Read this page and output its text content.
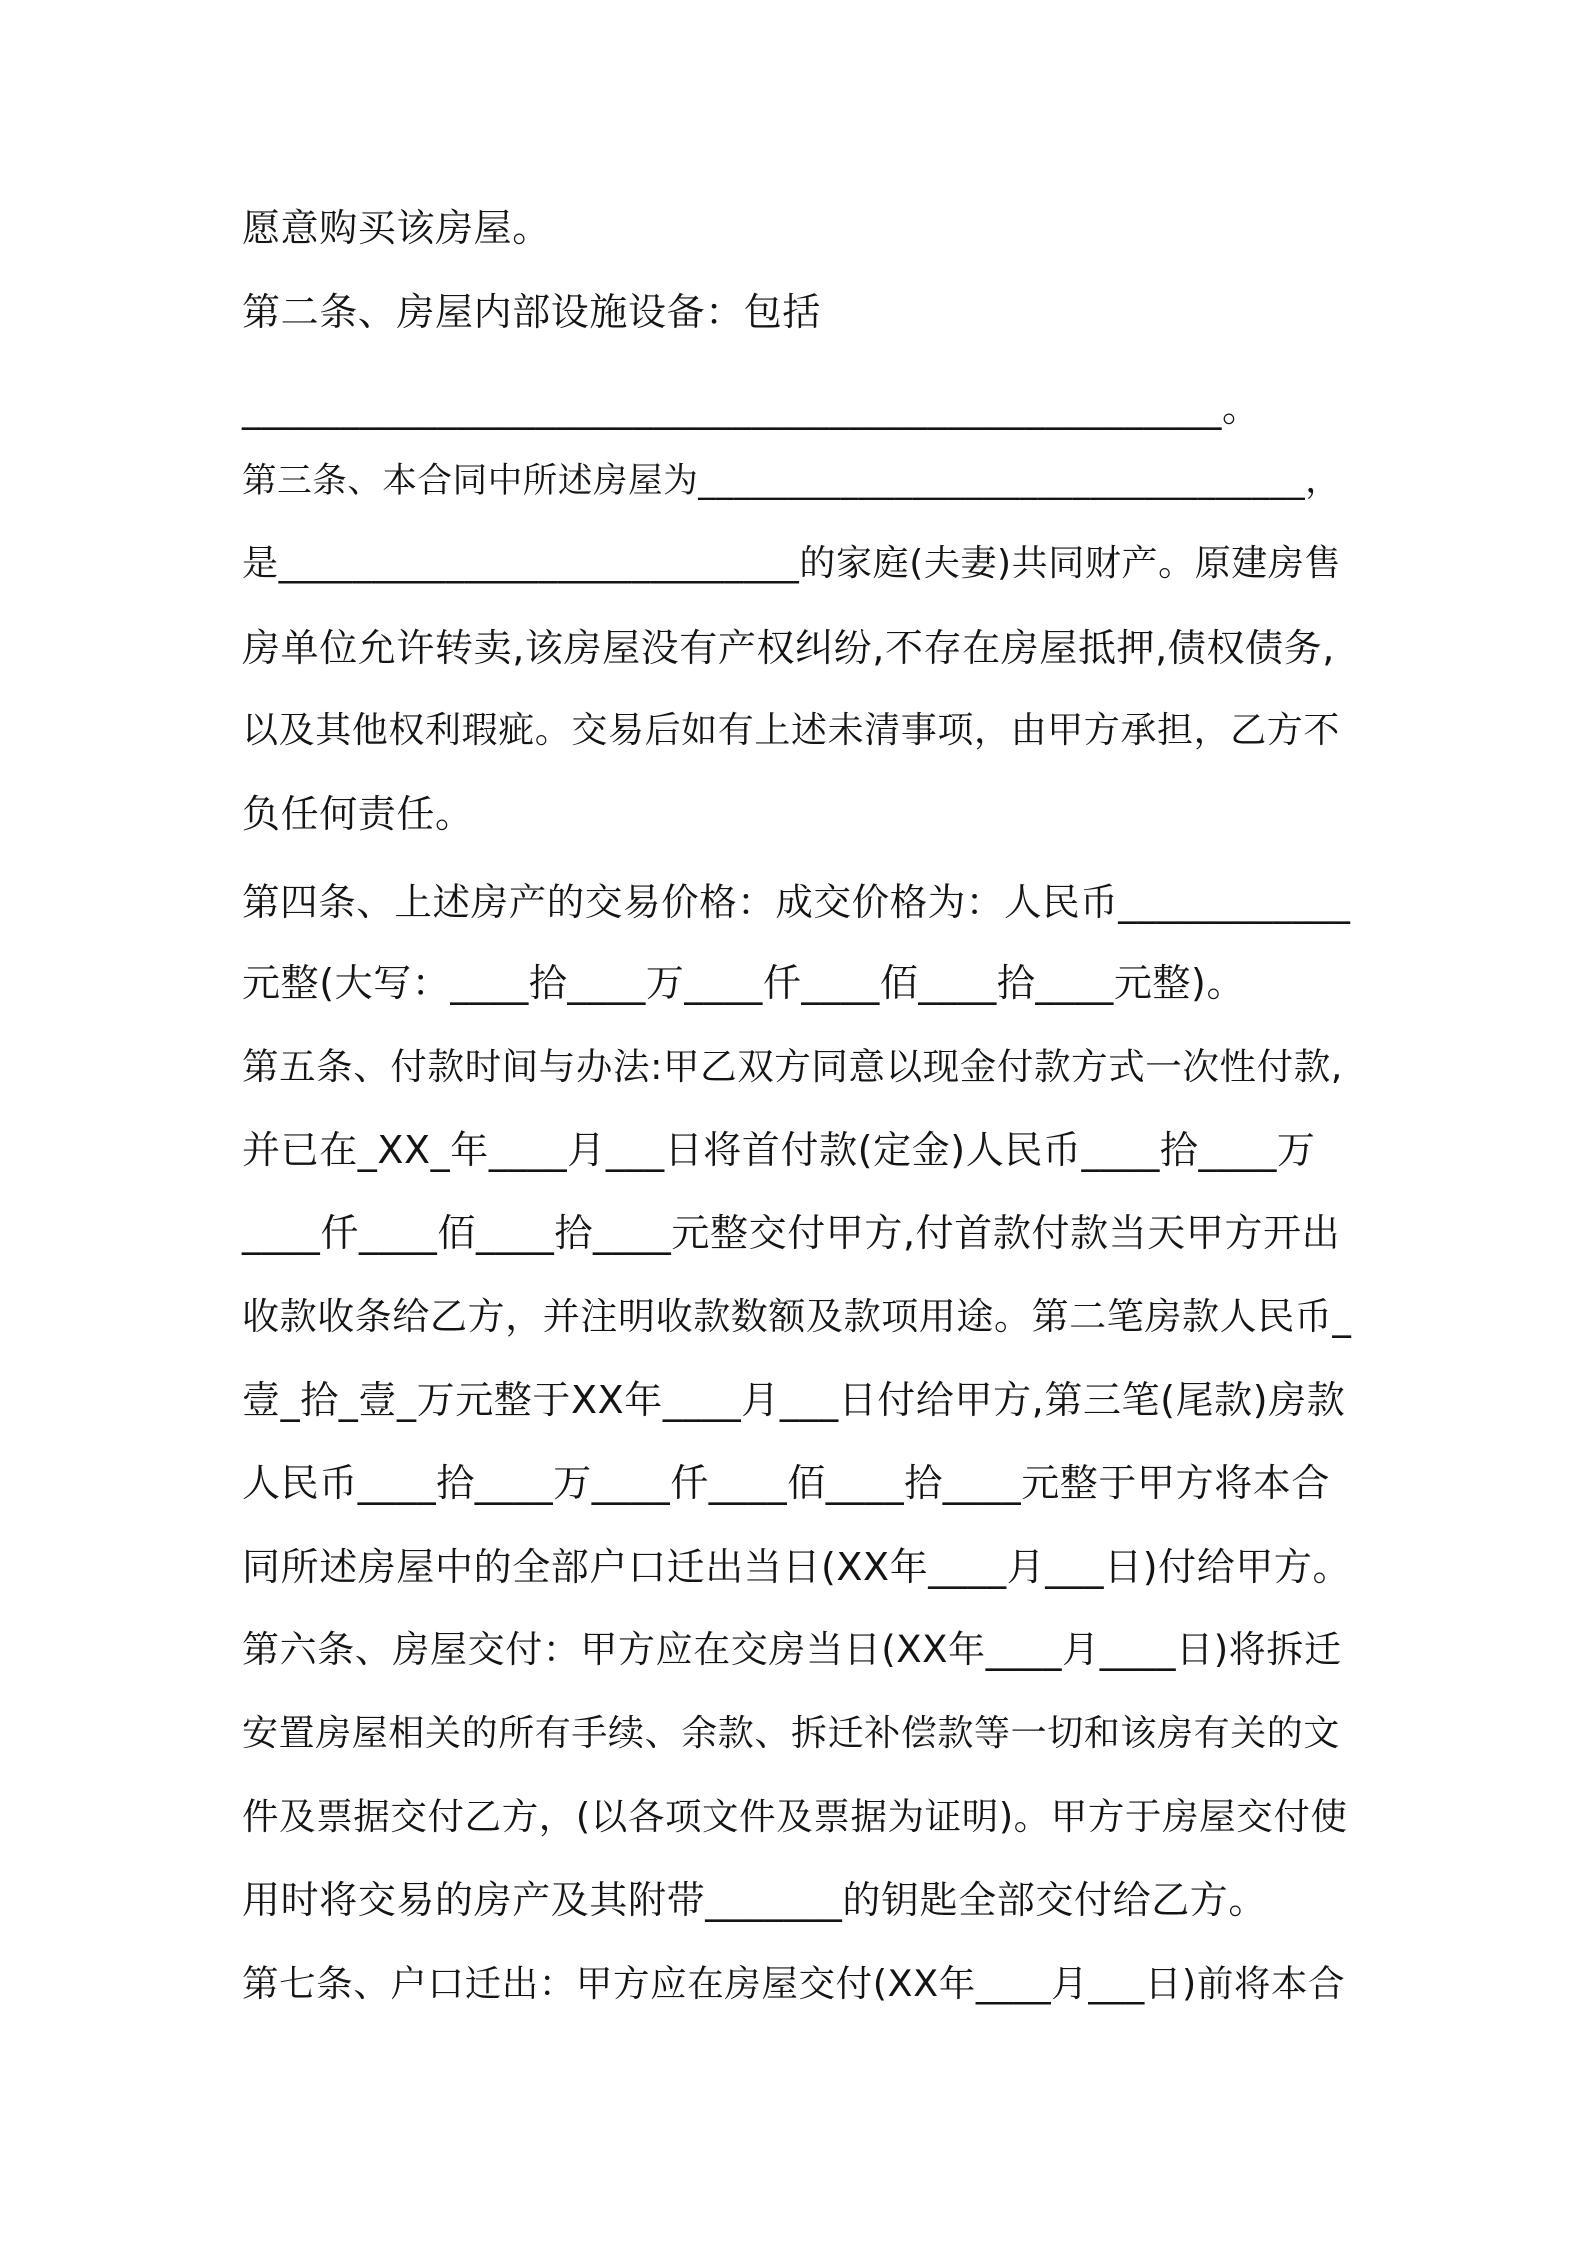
愿意购买该房屋。
第二条、房屋内部设施设备：包括
__________________________________________________。
第三条、本合同中所述房屋为__________________________________，
是____________________________的家庭(夫妻)共同财产。原建房售
房单位允许转卖,该房屋没有产权纠纷,不存在房屋抵押,债权债务,
以及其他权利瑕疵。交易后如有上述未清事项，由甲方承担，乙方不
负任何责任。
第四条、上述房产的交易价格：成交价格为：人民币____________
元整(大写：____拾____万____仟____佰____拾____元整)。
第五条、付款时间与办法:甲乙双方同意以现金付款方式一次性付款,
并已在_XX_年____月___日将首付款(定金)人民币____拾____万
____仟____佰____拾____元整交付甲方,付首款付款当天甲方开出
收款收条给乙方，并注明收款数额及款项用途。第二笔房款人民币_
壹_拾_壹_万元整于XX年____月___日付给甲方,第三笔(尾款)房款
人民币____拾____万____仟____佰____拾____元整于甲方将本合
同所述房屋中的全部户口迁出当日(XX年____月___日)付给甲方。
第六条、房屋交付：甲方应在交房当日(XX年____月____日)将拆迁
安置房屋相关的所有手续、余款、拆迁补偿款等一切和该房有关的文
件及票据交付乙方，(以各项文件及票据为证明)。甲方于房屋交付使
用时将交易的房产及其附带_______的钥匙全部交付给乙方。
第七条、户口迁出：甲方应在房屋交付(XX年____月___日)前将本合
